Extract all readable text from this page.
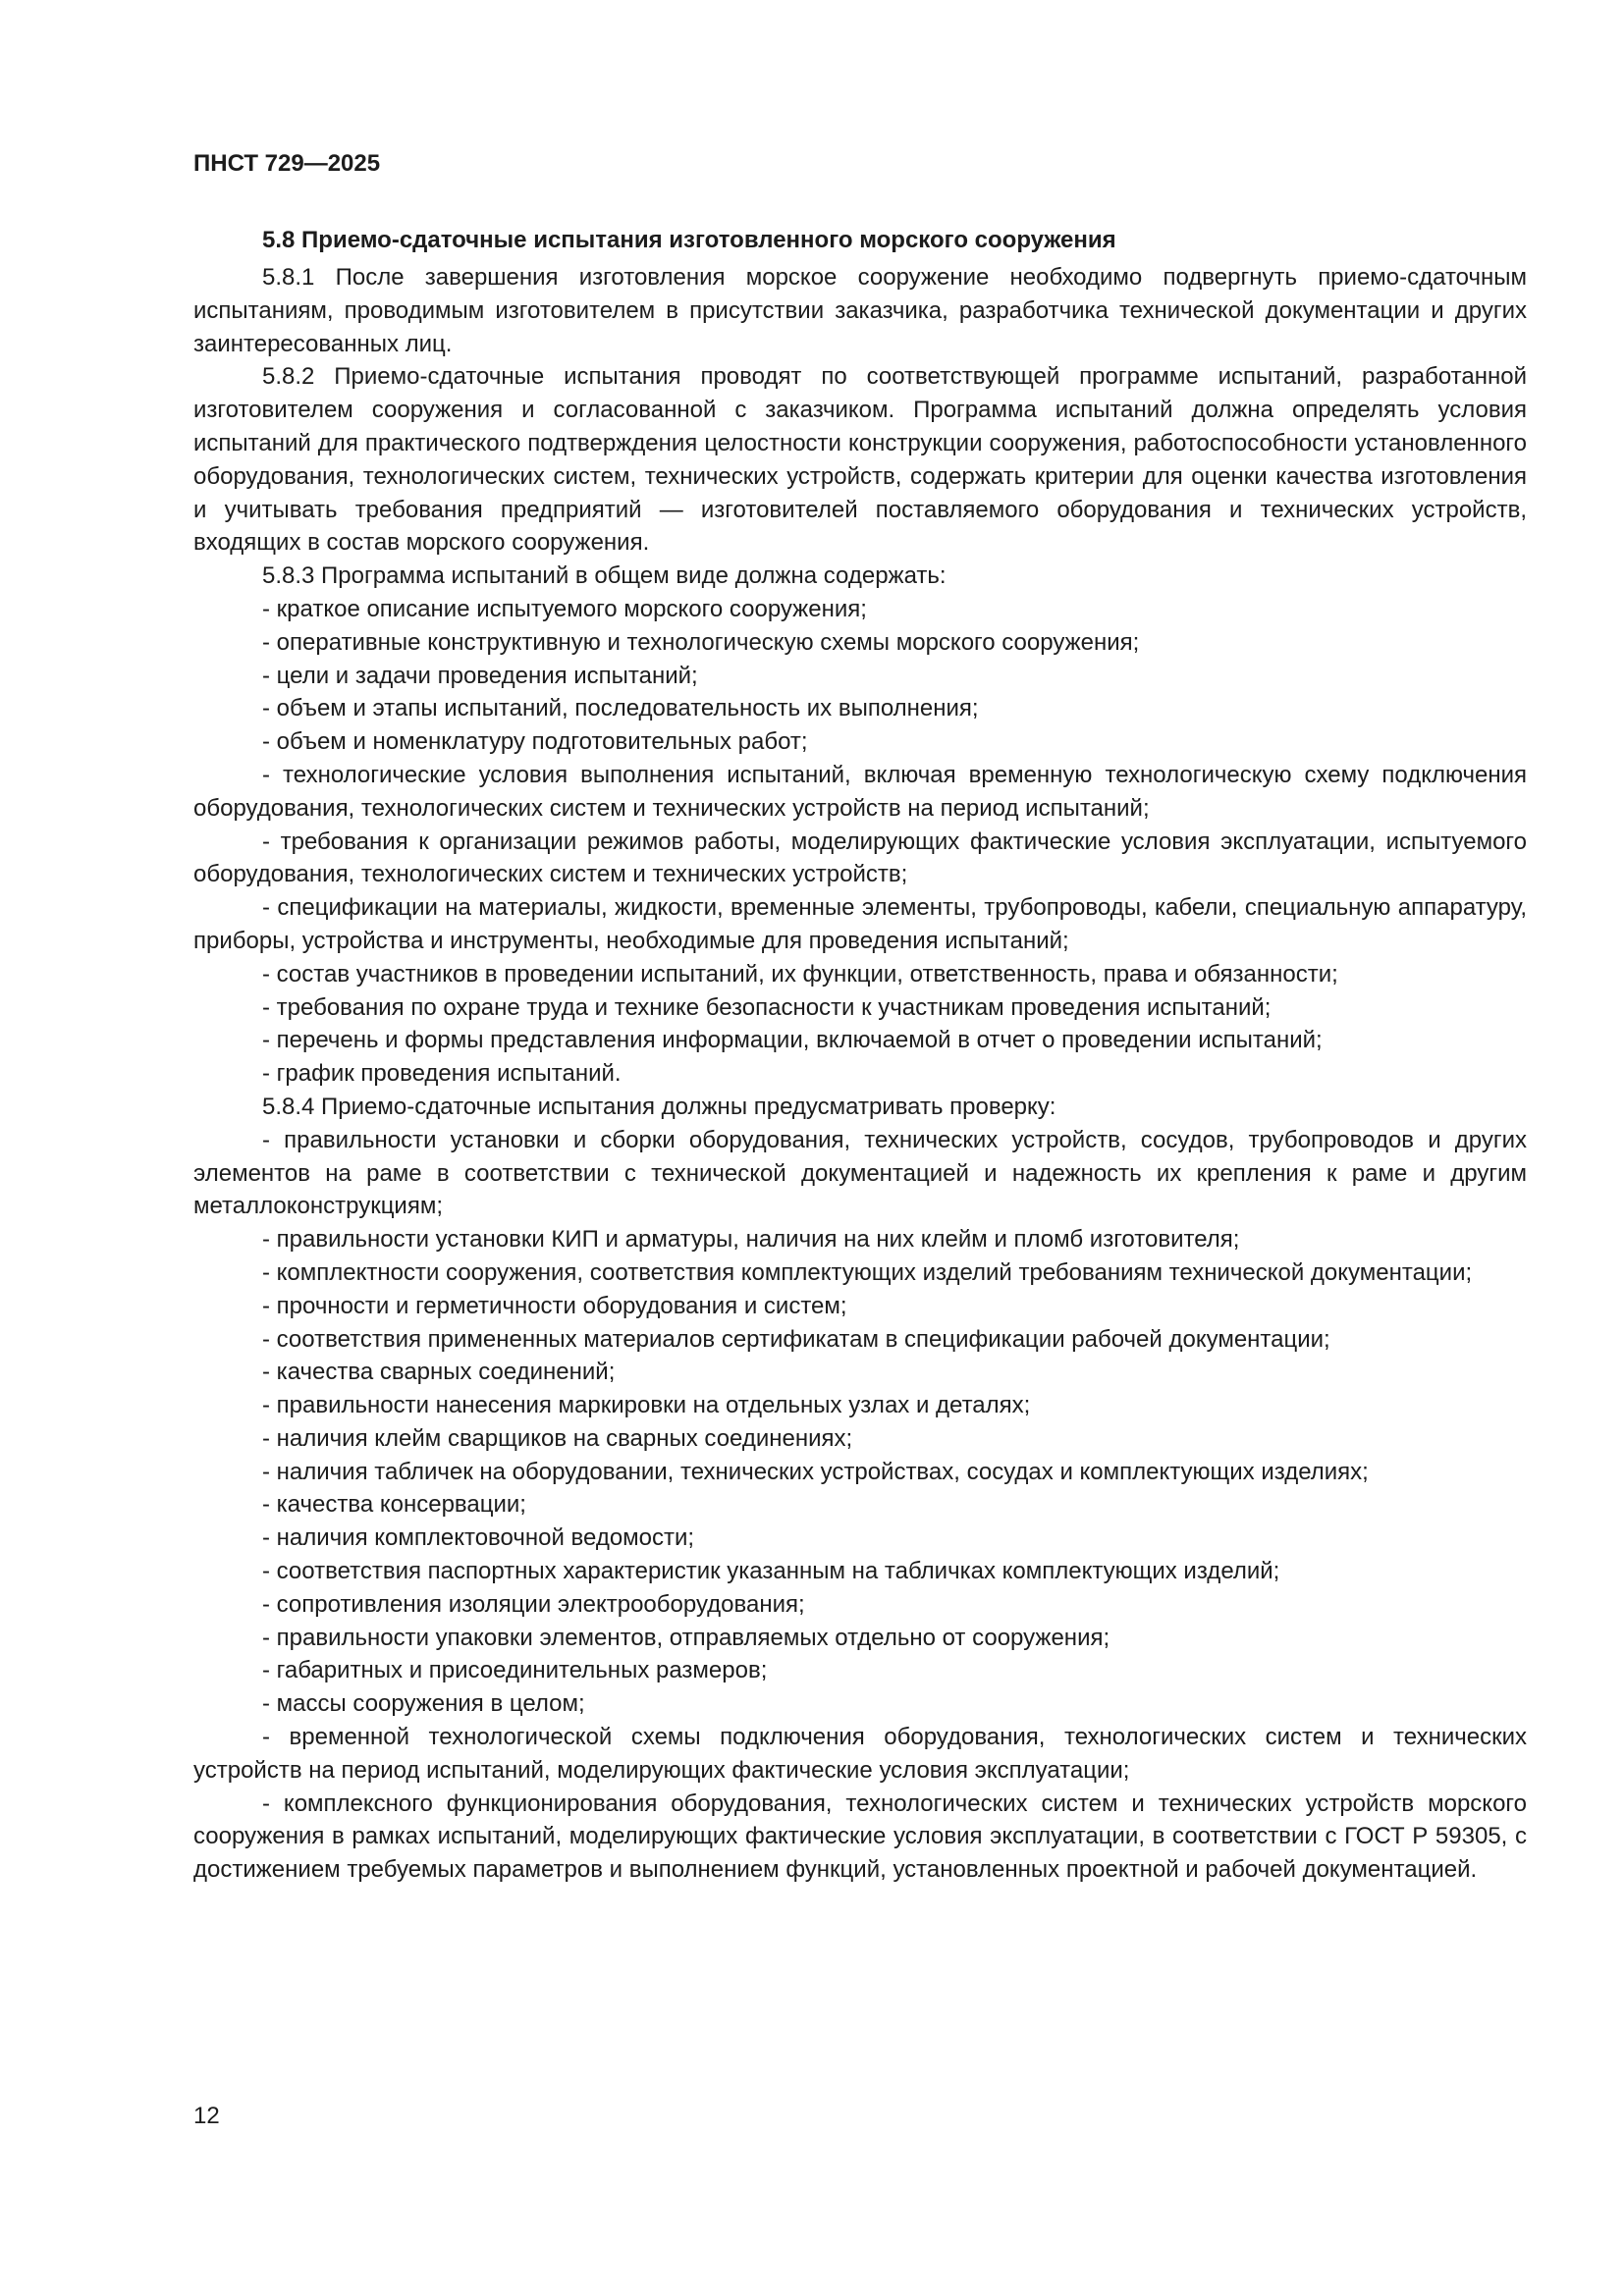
ПНСТ 729—2025

5.8 Приемо-сдаточные испытания изготовленного морского сооружения

5.8.1 После завершения изготовления морское сооружение необходимо подвергнуть приемо-сдаточным испытаниям, проводимым изготовителем в присутствии заказчика, разработчика технической документации и других заинтересованных лиц.

5.8.2 Приемо-сдаточные испытания проводят по соответствующей программе испытаний, разработанной изготовителем сооружения и согласованной с заказчиком. Программа испытаний должна определять условия испытаний для практического подтверждения целостности конструкции сооружения, работоспособности установленного оборудования, технологических систем, технических устройств, содержать критерии для оценки качества изготовления и учитывать требования предприятий — изготовителей поставляемого оборудования и технических устройств, входящих в состав морского сооружения.

5.8.3 Программа испытаний в общем виде должна содержать:

- краткое описание испытуемого морского сооружения;

- оперативные конструктивную и технологическую схемы морского сооружения;

- цели и задачи проведения испытаний;

- объем и этапы испытаний, последовательность их выполнения;

- объем и номенклатуру подготовительных работ;

- технологические условия выполнения испытаний, включая временную технологическую схему подключения оборудования, технологических систем и технических устройств на период испытаний;

- требования к организации режимов работы, моделирующих фактические условия эксплуатации, испытуемого оборудования, технологических систем и технических устройств;

- спецификации на материалы, жидкости, временные элементы, трубопроводы, кабели, специальную аппаратуру, приборы, устройства и инструменты, необходимые для проведения испытаний;

- состав участников в проведении испытаний, их функции, ответственность, права и обязанности;

- требования по охране труда и технике безопасности к участникам проведения испытаний;

- перечень и формы представления информации, включаемой в отчет о проведении испытаний;

- график проведения испытаний.

5.8.4 Приемо-сдаточные испытания должны предусматривать проверку:

- правильности установки и сборки оборудования, технических устройств, сосудов, трубопроводов и других элементов на раме в соответствии с технической документацией и надежность их крепления к раме и другим металлоконструкциям;

- правильности установки КИП и арматуры, наличия на них клейм и пломб изготовителя;

- комплектности сооружения, соответствия комплектующих изделий требованиям технической документации;

- прочности и герметичности оборудования и систем;

- соответствия примененных материалов сертификатам в спецификации рабочей документации;

- качества сварных соединений;

- правильности нанесения маркировки на отдельных узлах и деталях;

- наличия клейм сварщиков на сварных соединениях;

- наличия табличек на оборудовании, технических устройствах, сосудах и комплектующих изделиях;

- качества консервации;

- наличия комплектовочной ведомости;

- соответствия паспортных характеристик указанным на табличках комплектующих изделий;

- сопротивления изоляции электрооборудования;

- правильности упаковки элементов, отправляемых отдельно от сооружения;

- габаритных и присоединительных размеров;

- массы сооружения в целом;

- временной технологической схемы подключения оборудования, технологических систем и технических устройств на период испытаний, моделирующих фактические условия эксплуатации;

- комплексного функционирования оборудования, технологических систем и технических устройств морского сооружения в рамках испытаний, моделирующих фактические условия эксплуатации, в соответствии с ГОСТ Р 59305, с достижением требуемых параметров и выполнением функций, установленных проектной и рабочей документацией.

12
